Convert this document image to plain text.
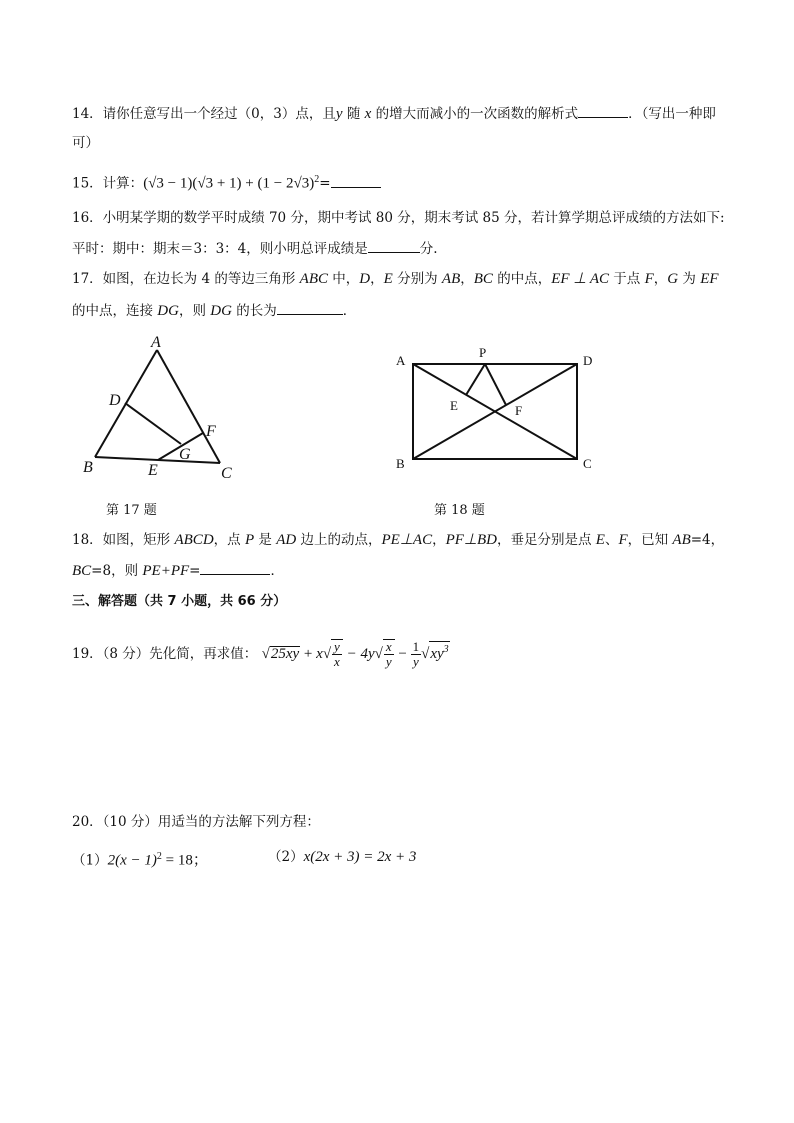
14．请你任意写出一个经过（0，3）点，且y 随 x 的增大而减小的一次函数的解析式	．（写出一种即
可）
15．计算：$(√3 - 1)(√3 + 1) + (1 - 2√3)^2=$
16．小明某学期的数学平时成绩 70 分，期中考试 80 分，期末考试 85 分，若计算学期总评成绩的方法如下:
平时：期中：期末＝3：3：4，则小明总评成绩是	分.
17．如图，在边长为 4 的等边三角形 ABC 中，D，E 分别为 AB，BC 的中点，EF ⊥ AC 于点 F，G 为 EF
的中点，连接 DG，则 DG 的长为	．
A
D
F
G
B	E	C
第 17 题
A
P
D
E	F
B	C
第 18 题
18．如图，矩形 ABCD，点 P 是 AD 边上的动点，PE⊥AC，PF⊥BD，垂足分别是点 E、F，已知 AB=4，
BC=8，则 PE+PF=	．
三、解答题（共 7 小题，共 66 分）
19．（8 分）先化简，再求值： $√25xy + x√ \frac{y}{x} - 4y√ \frac{x}{y} - \frac{1}{y} √xy^3$
20．（10 分）用适当的方法解下列方程：
$(1)2(x - 1)^2 = 18$；	（2）x(2x + 3) = 2x + 3
